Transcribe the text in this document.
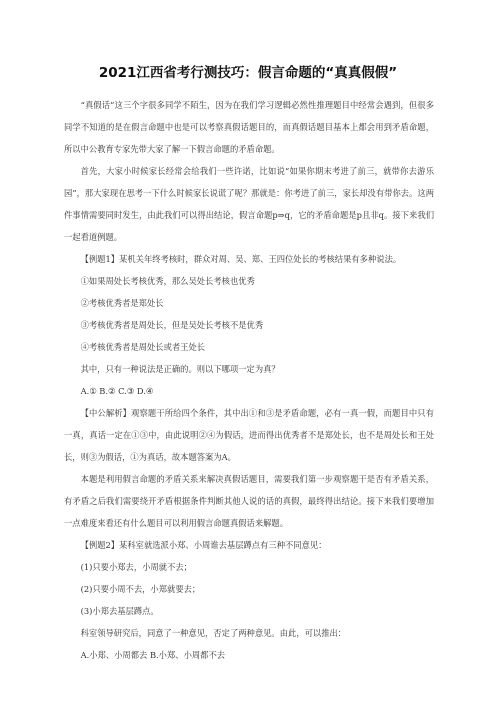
2021江西省考行测技巧：假言命题的“真真假假”

“真假话”这三个字很多同学不陌生，因为在我们学习逻辑必然性推理题目中经常会遇到，但很多同学不知道的是在假言命题中也是可以考察真假话题目的，而真假话题目基本上都会用到矛盾命题，所以中公教育专家先带大家了解一下假言命题的矛盾命题。

首先，大家小时候家长经常会给我们一些许诺，比如说“如果你期末考进了前三，就带你去游乐园”，那大家现在思考一下什么时候家长说谎了呢？那就是：你考进了前三，家长却没有带你去。这两件事情需要同时发生，由此我们可以得出结论，假言命题p⇒q，它的矛盾命题是p且非q。接下来我们一起看道例题。

【例题1】某机关年终考核时，群众对周、吴、郑、王四位处长的考核结果有多种说法。

①如果周处长考核优秀，那么吴处长考核也优秀

②考核优秀者是郑处长

③考核优秀者是周处长，但是吴处长考核不是优秀

④考核优秀者是周处长或者王处长

其中，只有一种说法是正确的。则以下哪项一定为真？

A.① B.② C.③ D.④

【中公解析】观察题干所给四个条件，其中出①和③是矛盾命题，必有一真一假，而题目中只有一真，真话一定在①③中，由此说明②④为假话，进而得出优秀者不是郑处长，也不是周处长和王处长，则③为假话，①为真话，故本题答案为A。

本题是利用假言命题的矛盾关系来解决真假话题目，需要我们第一步观察题干是否有矛盾关系，有矛盾之后我们需要绕开矛盾根据条件判断其他人说的话的真假，最终得出结论。接下来我们要增加一点难度来看还有什么题目可以利用假言命题真假话来解题。

【例题2】某科室就选派小郑、小周谁去基层蹲点有三种不同意见：

(1)只要小郑去，小周就不去；

(2)只要小周不去，小郑就要去；

(3)小郑去基层蹲点。

科室领导研究后，同意了一种意见，否定了两种意见。由此，可以推出：

A.小郑、小周都去 B.小郑、小周都不去
